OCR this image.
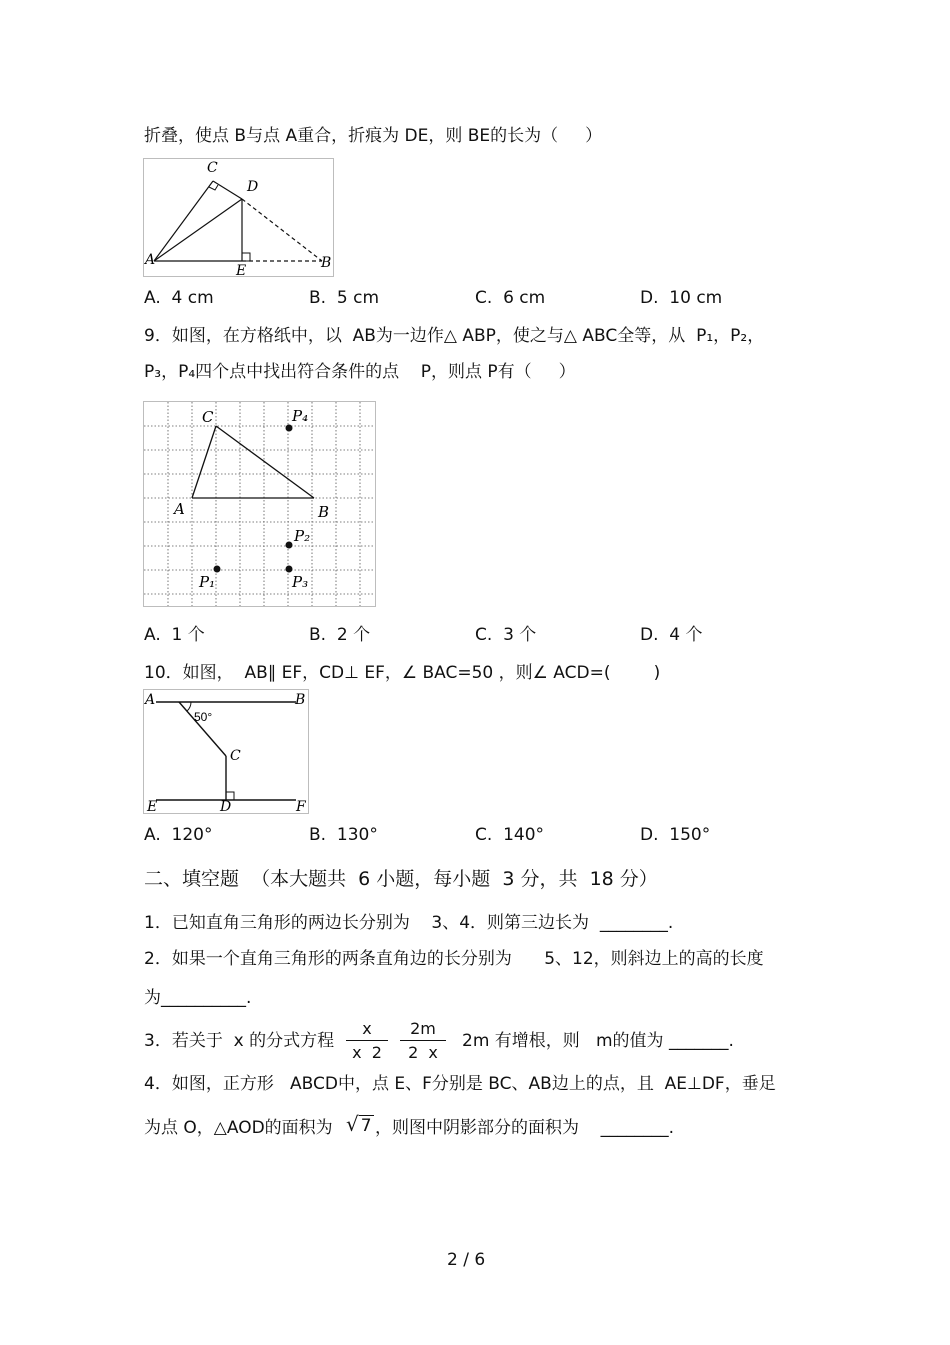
折叠，使点 B与点 A重合，折痕为 DE，则 BE的长为（     ）
C
D
A
E	B
A.  4 cm	B.  5 cm	C.  6 cm	D.  10 cm
9．如图，在方格纸中，以  AB为一边作△ ABP，使之与△ ABC全等，从  P₁，P₂，
P₃，P₄四个点中找出符合条件的点    P，则点 P有（     ）
C
A	B
P₄
P₂
P₁	P₃
A.  1 个	B.  2 个	C.  3 个	D.  4 个
10．如图，  AB∥ EF，CD⊥ EF，∠ BAC=50 ，则∠ ACD=(        )
A	B
C
D
E	F
50°
A.  120°	B.  130°	C.  140°	D.  150°
二、填空题  （本大题共  6 小题，每小题  3 分，共  18 分）
1．已知直角三角形的两边长分别为    3、4．则第三边长为  ________.
2．如果一个直角三角形的两条直角边的长分别为      5、12，则斜边上的高的长度
为__________.
3．若关于  x 的分式方程
x
x  2
2m
2  x
2m 有增根，则   m的值为 _______.
4．如图，正方形   ABCD中，点 E、F分别是 BC、AB边上的点，且  AE⊥DF，垂足
为点 O，△AOD的面积为 √ 7 ，则图中阴影部分的面积为    ________.
2 / 6
